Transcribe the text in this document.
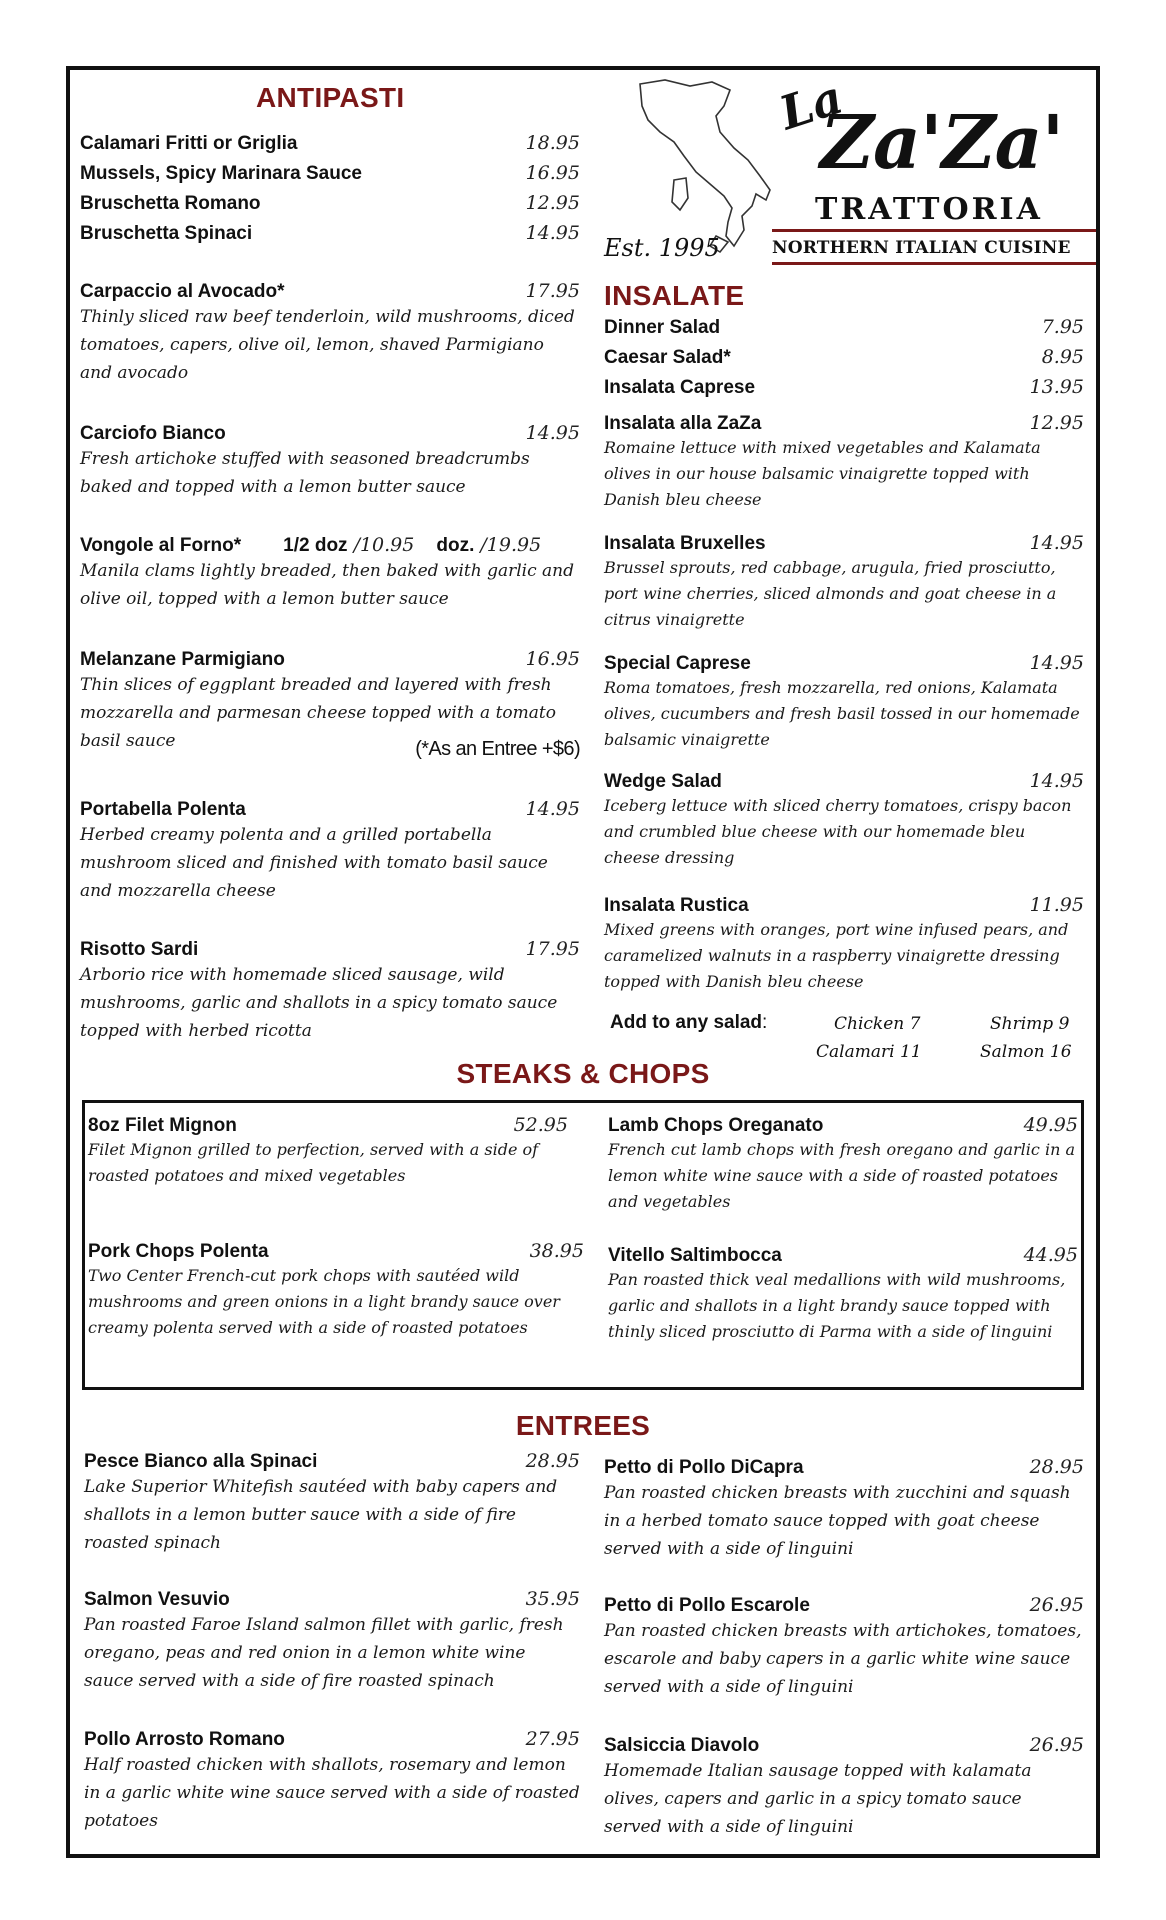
La
Za'Za'
TRATTORIA
NORTHERN ITALIAN CUISINE
Est. 1995
ANTIPASTI
Calamari Fritti or Griglia	18.95
Mussels, Spicy Marinara Sauce	16.95
Bruschetta Romano	12.95
Bruschetta Spinaci	14.95
Carpaccio al Avocado*	17.95
Thinly sliced raw beef tenderloin, wild mushrooms, diced tomatoes, capers, olive oil, lemon, shaved Parmigiano and avocado
Carciofo Bianco	14.95
Fresh artichoke stuffed with seasoned breadcrumbs baked and topped with a lemon butter sauce
Vongole al Forno* 1/2 doz /10.95 doz. /19.95
Manila clams lightly breaded, then baked with garlic and olive oil, topped with a lemon butter sauce
Melanzane Parmigiano	16.95
Thin slices of eggplant breaded and layered with fresh mozzarella and parmesan cheese topped with a tomato basil sauce	(*As an Entree +$6)
Portabella Polenta	14.95
Herbed creamy polenta and a grilled portabella mushroom sliced and finished with tomato basil sauce and mozzarella cheese
Risotto Sardi	17.95
Arborio rice with homemade sliced sausage, wild mushrooms, garlic and shallots in a spicy tomato sauce topped with herbed ricotta
INSALATE
Dinner Salad	7.95
Caesar Salad*	8.95
Insalata Caprese	13.95
Insalata alla ZaZa	12.95
Romaine lettuce with mixed vegetables and Kalamata olives in our house balsamic vinaigrette topped with Danish bleu cheese
Insalata Bruxelles	14.95
Brussel sprouts, red cabbage, arugula, fried prosciutto, port wine cherries, sliced almonds and goat cheese in a citrus vinaigrette
Special Caprese	14.95
Roma tomatoes, fresh mozzarella, red onions, Kalamata olives, cucumbers and fresh basil tossed in our homemade balsamic vinaigrette
Wedge Salad	14.95
Iceberg lettuce with sliced cherry tomatoes, crispy bacon and crumbled blue cheese with our homemade bleu cheese dressing
Insalata Rustica	11.95
Mixed greens with oranges, port wine infused pears, and caramelized walnuts in a raspberry vinaigrette dressing topped with Danish bleu cheese
Add to any salad:	Chicken 7	Shrimp 9
Calamari 11	Salmon 16
STEAKS & CHOPS
8oz Filet Mignon	52.95
Filet Mignon grilled to perfection, served with a side of roasted potatoes and mixed vegetables
Lamb Chops Oreganato	49.95
French cut lamb chops with fresh oregano and garlic in a lemon white wine sauce with a side of roasted potatoes and vegetables
Pork Chops Polenta	38.95
Two Center French-cut pork chops with sautéed wild mushrooms and green onions in a light brandy sauce over creamy polenta served with a side of roasted potatoes
Vitello Saltimbocca	44.95
Pan roasted thick veal medallions with wild mushrooms, garlic and shallots in a light brandy sauce topped with thinly sliced prosciutto di Parma with a side of linguini
ENTREES
Pesce Bianco alla Spinaci	28.95
Lake Superior Whitefish sautéed with baby capers and shallots in a lemon butter sauce with a side of fire roasted spinach
Salmon Vesuvio	35.95
Pan roasted Faroe Island salmon fillet with garlic, fresh oregano, peas and red onion in a lemon white wine sauce served with a side of fire roasted spinach
Pollo Arrosto Romano	27.95
Half roasted chicken with shallots, rosemary and lemon in a garlic white wine sauce served with a side of roasted potatoes
Petto di Pollo DiCapra	28.95
Pan roasted chicken breasts with zucchini and squash in a herbed tomato sauce topped with goat cheese served with a side of linguini
Petto di Pollo Escarole	26.95
Pan roasted chicken breasts with artichokes, tomatoes, escarole and baby capers in a garlic white wine sauce served with a side of linguini
Salsiccia Diavolo	26.95
Homemade Italian sausage topped with kalamata olives, capers and garlic in a spicy tomato sauce served with a side of linguini
